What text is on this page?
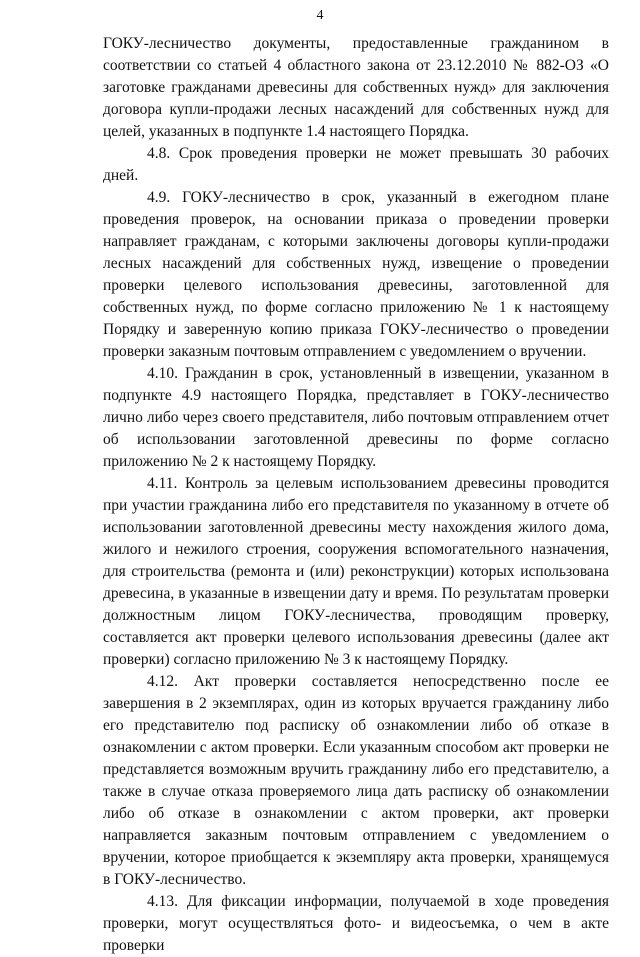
4

ГОКУ-лесничество документы, предоставленные гражданином в соответствии со статьей 4 областного закона от 23.12.2010 № 882-ОЗ «О заготовке гражданами древесины для собственных нужд» для заключения договора купли-продажи лесных насаждений для собственных нужд для целей, указанных в подпункте 1.4 настоящего Порядка.

4.8. Срок проведения проверки не может превышать 30 рабочих дней.

4.9. ГОКУ-лесничество в срок, указанный в ежегодном плане проведения проверок, на основании приказа о проведении проверки направляет гражданам, с которыми заключены договоры купли-продажи лесных насаждений для собственных нужд, извещение о проведении проверки целевого использования древесины, заготовленной для собственных нужд, по форме согласно приложению № 1 к настоящему Порядку и заверенную копию приказа ГОКУ-лесничество о проведении проверки заказным почтовым отправлением с уведомлением о вручении.

4.10. Гражданин в срок, установленный в извещении, указанном в подпункте 4.9 настоящего Порядка, представляет в ГОКУ-лесничество лично либо через своего представителя, либо почтовым отправлением отчет об использовании заготовленной древесины по форме согласно приложению № 2 к настоящему Порядку.

4.11. Контроль за целевым использованием древесины проводится при участии гражданина либо его представителя по указанному в отчете об использовании заготовленной древесины месту нахождения жилого дома, жилого и нежилого строения, сооружения вспомогательного назначения, для строительства (ремонта и (или) реконструкции) которых использована древесина, в указанные в извещении дату и время. По результатам проверки должностным лицом ГОКУ-лесничества, проводящим проверку, составляется акт проверки целевого использования древесины (далее акт проверки) согласно приложению № 3 к настоящему Порядку.

4.12. Акт проверки составляется непосредственно после ее завершения в 2 экземплярах, один из которых вручается гражданину либо его представителю под расписку об ознакомлении либо об отказе в ознакомлении с актом проверки. Если указанным способом акт проверки не представляется возможным вручить гражданину либо его представителю, а также в случае отказа проверяемого лица дать расписку об ознакомлении либо об отказе в ознакомлении с актом проверки, акт проверки направляется заказным почтовым отправлением с уведомлением о вручении, которое приобщается к экземпляру акта проверки, хранящемуся в ГОКУ-лесничество.

4.13. Для фиксации информации, получаемой в ходе проведения проверки, могут осуществляться фото- и видеосъемка, о чем в акте проверки
